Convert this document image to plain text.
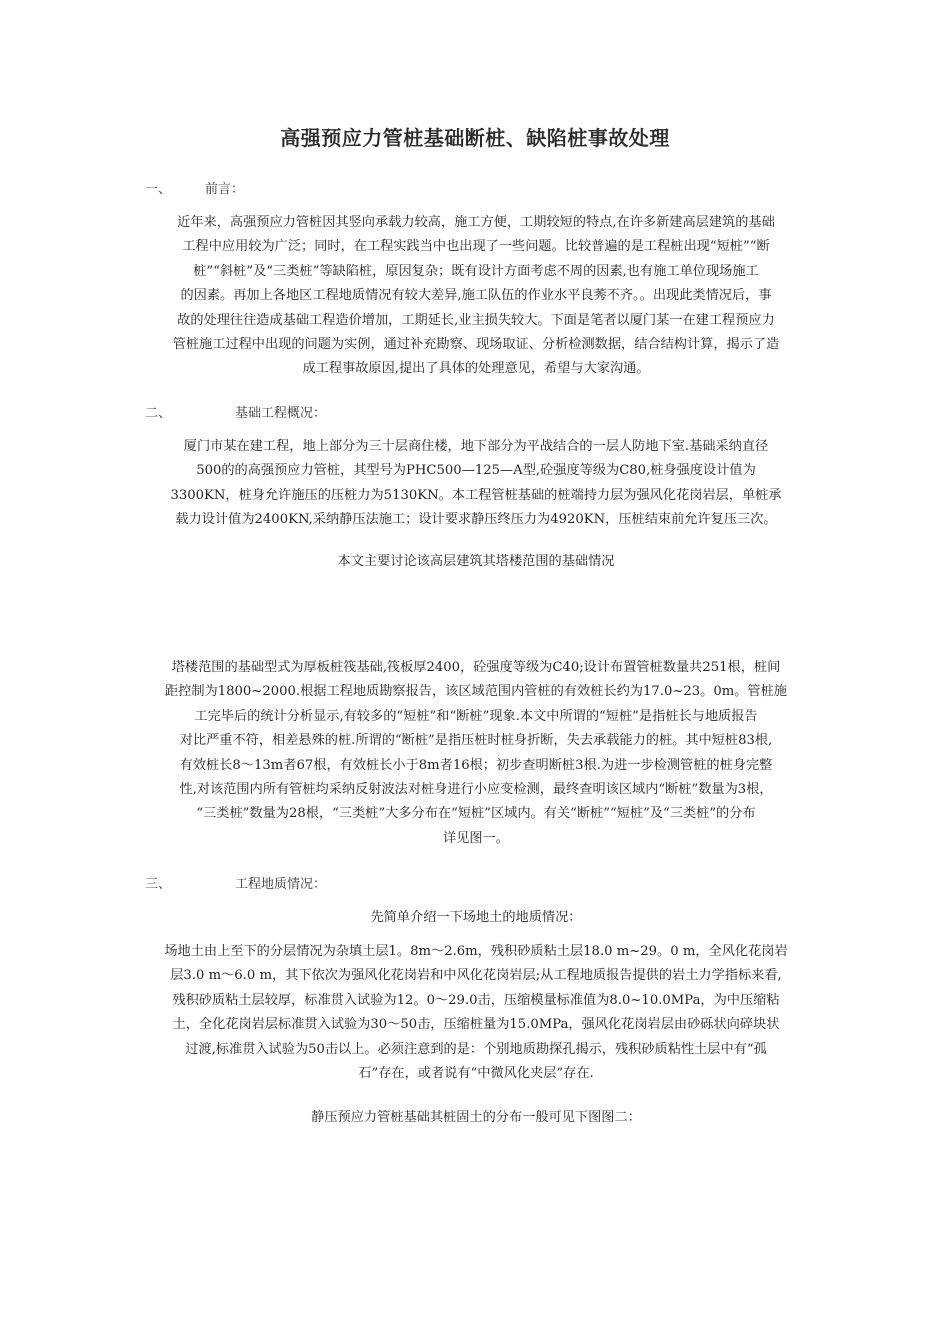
高强预应力管桩基础断桩、缺陷桩事故处理
一、	前言：
近年来，高强预应力管桩因其竖向承载力较高，施工方便，工期较短的特点,在许多新建高层建筑的基础
工程中应用较为广泛；同时，在工程实践当中也出现了一些问题。比较普遍的是工程桩出现“短桩”“断
桩”“斜桩”及“三类桩”等缺陷桩，原因复杂；既有设计方面考虑不周的因素,也有施工单位现场施工
的因素。再加上各地区工程地质情况有较大差异,施工队伍的作业水平良莠不齐。。出现此类情况后，事
故的处理往往造成基础工程造价增加，工期延长,业主损失较大。下面是笔者以厦门某一在建工程预应力
管桩施工过程中出现的问题为实例，通过补充勘察、现场取证、分析检测数据，结合结构计算，揭示了造
成工程事故原因,提出了具体的处理意见，希望与大家沟通。
二、	基础工程概况：
厦门市某在建工程，地上部分为三十层商住楼，地下部分为平战结合的一层人防地下室.基础采纳直径
500的的高强预应力管桩，其型号为PHC500—125—A型,砼强度等级为C80,桩身强度设计值为
3300KN，桩身允许施压的压桩力为5130KN。本工程管桩基础的桩端持力层为强风化花岗岩层，单桩承
载力设计值为2400KN,采纳静压法施工；设计要求静压终压力为4920KN，压桩结束前允许复压三次。
本文主要讨论该高层建筑其塔楼范围的基础情况
塔楼范围的基础型式为厚板桩筏基础,筏板厚2400，砼强度等级为C40;设计布置管桩数量共251根，桩间
距控制为1800~2000.根据工程地质勘察报告，该区域范围内管桩的有效桩长约为17.0~23。0m。管桩施
工完毕后的统计分析显示,有较多的“短桩”和“断桩”现象.本文中所谓的“短桩”是指桩长与地质报告
对比严重不符，相差悬殊的桩.所谓的“断桩”是指压桩时桩身折断，失去承载能力的桩。其中短桩83根,
有效桩长8～13m者67根，有效桩长小于8m者16根；初步查明断桩3根.为进一步检测管桩的桩身完整
性,对该范围内所有管桩均采纳反射波法对桩身进行小应变检测，最终查明该区域内“断桩”数量为3根，
“三类桩”数量为28根，“三类桩”大多分布在“短桩”区域内。有关“断桩”“短桩”及“三类桩”的分布
详见图一。
三、	工程地质情况：
先简单介绍一下场地土的地质情况：
场地土由上至下的分层情况为杂填土层1。8m～2.6m，残积砂质粘土层18.0 m~29。0 m，全风化花岗岩
层3.0 m～6.0 m，其下依次为强风化花岗岩和中风化花岗岩层;从工程地质报告提供的岩土力学指标来看,
残积砂质粘土层较厚，标准贯入试验为12。0～29.0击，压缩模量标准值为8.0~10.0MPa，为中压缩粘
土，全化花岗岩层标准贯入试验为30～50击，压缩桩量为15.0MPa，强风化花岗岩层由砂砾状向碎块状
过渡,标准贯入试验为50击以上。必须注意到的是：个别地质勘探孔揭示，残积砂质粘性土层中有“孤
石”存在，或者说有“中微风化夹层”存在.
静压预应力管桩基础其桩固土的分布一般可见下图图二：
